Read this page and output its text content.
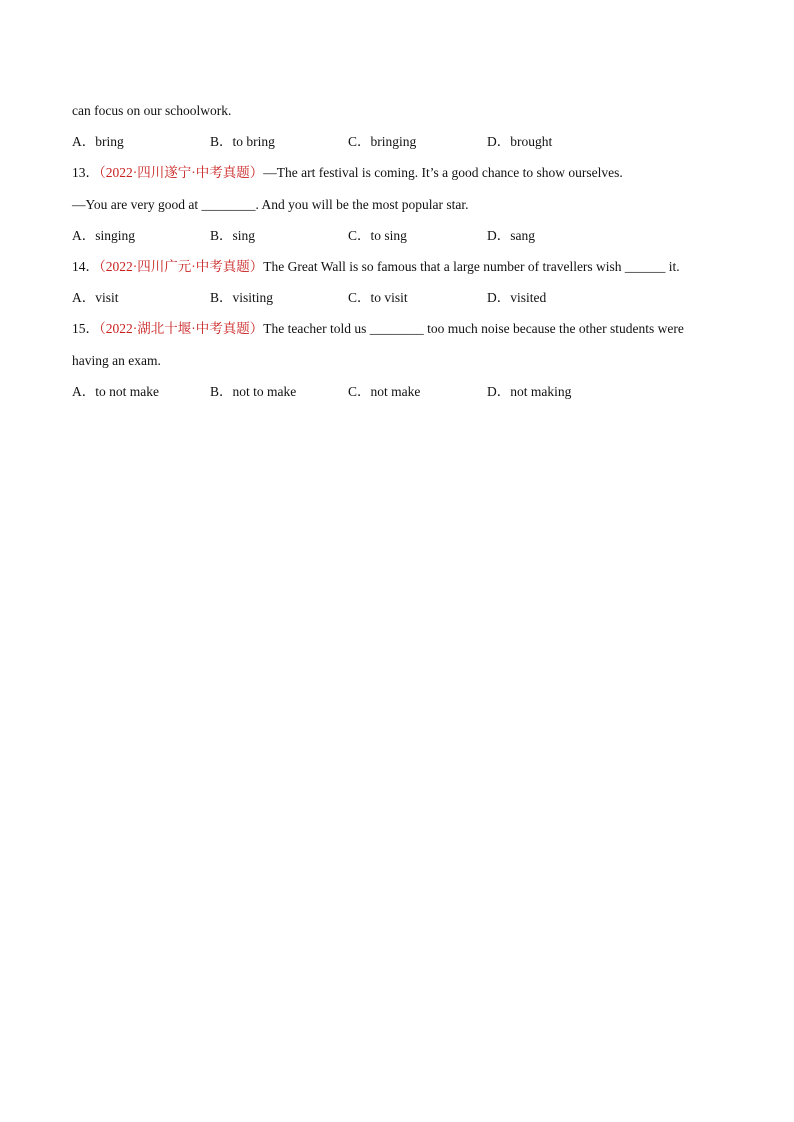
can focus on our schoolwork.
A．bring	B．to bring	C．bringing	D．brought
13．（2022·四川遂宁·中考真题）—The art festival is coming. It’s a good chance to show ourselves.
—You are very good at ________. And you will be the most popular star.
A．singing	B．sing	C．to sing	D．sang
14．（2022·四川广元·中考真题）The Great Wall is so famous that a large number of travellers wish ______ it.
A．visit	B．visiting	C．to visit	D．visited
15．（2022·湖北十堰·中考真题）The teacher told us ________ too much noise because the other students were
having an exam.
A．to not make	B．not to make	C．not make	D．not making
